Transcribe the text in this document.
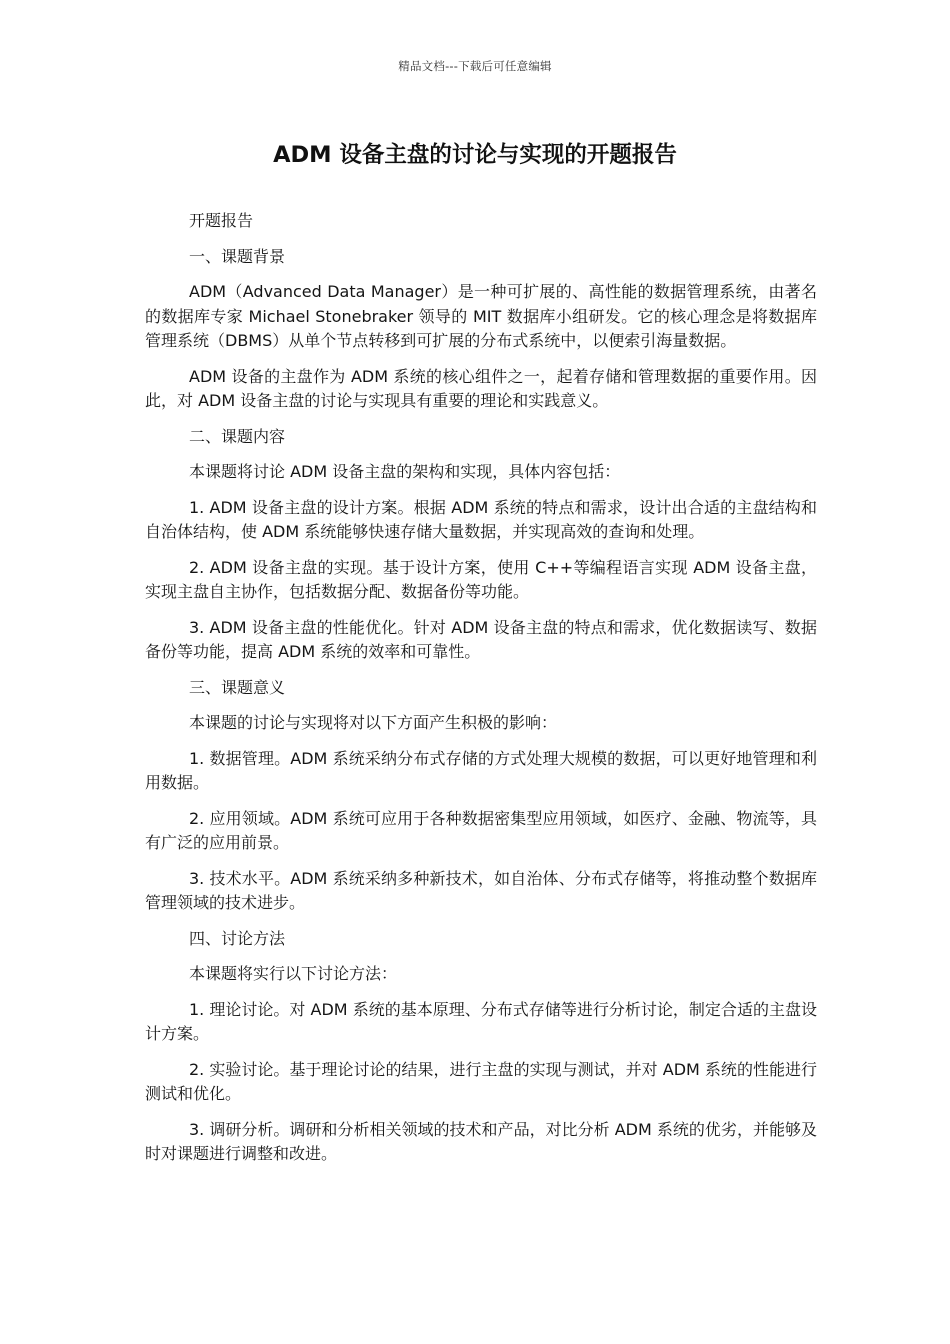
精品文档---下载后可任意编辑
ADM 设备主盘的讨论与实现的开题报告

开题报告

一、课题背景

ADM（Advanced Data Manager）是一种可扩展的、高性能的数据管理系统，由著名的数据库专家 Michael Stonebraker 领导的 MIT 数据库小组研发。它的核心理念是将数据库管理系统（DBMS）从单个节点转移到可扩展的分布式系统中，以便索引海量数据。

ADM 设备的主盘作为 ADM 系统的核心组件之一，起着存储和管理数据的重要作用。因此，对 ADM 设备主盘的讨论与实现具有重要的理论和实践意义。

二、课题内容

本课题将讨论 ADM 设备主盘的架构和实现，具体内容包括：

1. ADM 设备主盘的设计方案。根据 ADM 系统的特点和需求，设计出合适的主盘结构和自治体结构，使 ADM 系统能够快速存储大量数据，并实现高效的查询和处理。

2. ADM 设备主盘的实现。基于设计方案，使用 C++等编程语言实现 ADM 设备主盘，实现主盘自主协作，包括数据分配、数据备份等功能。

3. ADM 设备主盘的性能优化。针对 ADM 设备主盘的特点和需求，优化数据读写、数据备份等功能，提高 ADM 系统的效率和可靠性。

三、课题意义

本课题的讨论与实现将对以下方面产生积极的影响：

1. 数据管理。ADM 系统采纳分布式存储的方式处理大规模的数据，可以更好地管理和利用数据。

2. 应用领域。ADM 系统可应用于各种数据密集型应用领域，如医疗、金融、物流等，具有广泛的应用前景。

3. 技术水平。ADM 系统采纳多种新技术，如自治体、分布式存储等，将推动整个数据库管理领域的技术进步。

四、讨论方法

本课题将实行以下讨论方法：

1. 理论讨论。对 ADM 系统的基本原理、分布式存储等进行分析讨论，制定合适的主盘设计方案。

2. 实验讨论。基于理论讨论的结果，进行主盘的实现与测试，并对 ADM 系统的性能进行测试和优化。

3. 调研分析。调研和分析相关领域的技术和产品，对比分析 ADM 系统的优劣，并能够及时对课题进行调整和改进。
